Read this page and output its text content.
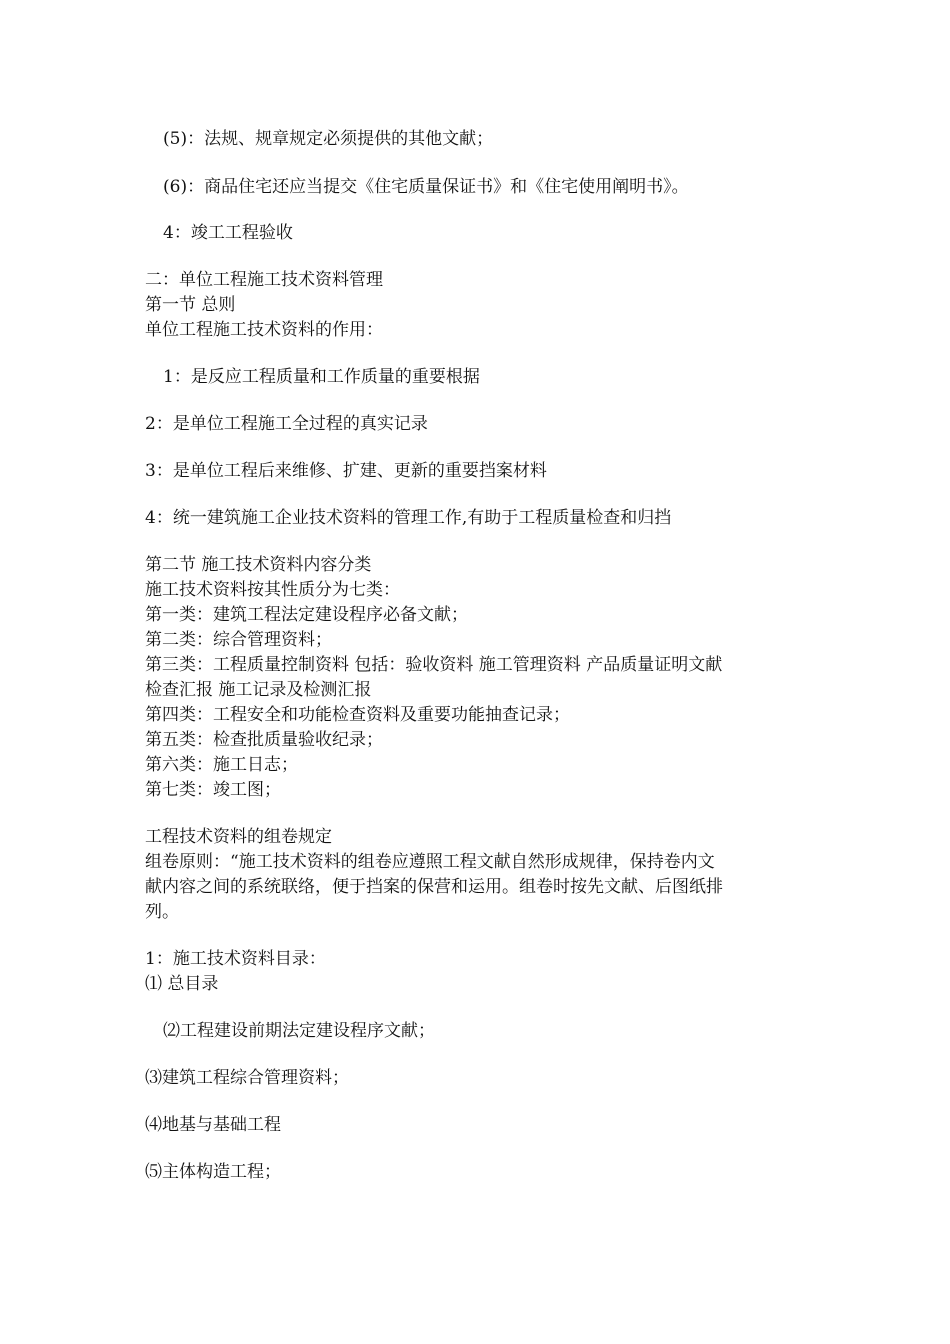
(5)：法规、规章规定必须提供的其他文献；
(6)：商品住宅还应当提交《住宅质量保证书》和《住宅使用阐明书》。
4：竣工工程验收
二：单位工程施工技术资料管理
第一节 总则
单位工程施工技术资料的作用：
1：是反应工程质量和工作质量的重要根据
2：是单位工程施工全过程的真实记录
3：是单位工程后来维修、扩建、更新的重要挡案材料
4：统一建筑施工企业技术资料的管理工作,有助于工程质量检查和归挡
第二节 施工技术资料内容分类
施工技术资料按其性质分为七类：
第一类：建筑工程法定建设程序必备文献；
第二类：综合管理资料；
第三类：工程质量控制资料 包括：验收资料 施工管理资料 产品质量证明文献
检查汇报 施工记录及检测汇报
第四类：工程安全和功能检查资料及重要功能抽查记录；
第五类：检查批质量验收纪录；
第六类：施工日志；
第七类：竣工图；
工程技术资料的组卷规定
组卷原则：“施工技术资料的组卷应遵照工程文献自然形成规律，保持卷内文
献内容之间的系统联络，便于挡案的保营和运用。组卷时按先文献、后图纸排
列。
1：施工技术资料目录：
⑴ 总目录
⑵工程建设前期法定建设程序文献；
⑶建筑工程综合管理资料；
⑷地基与基础工程
⑸主体构造工程；
